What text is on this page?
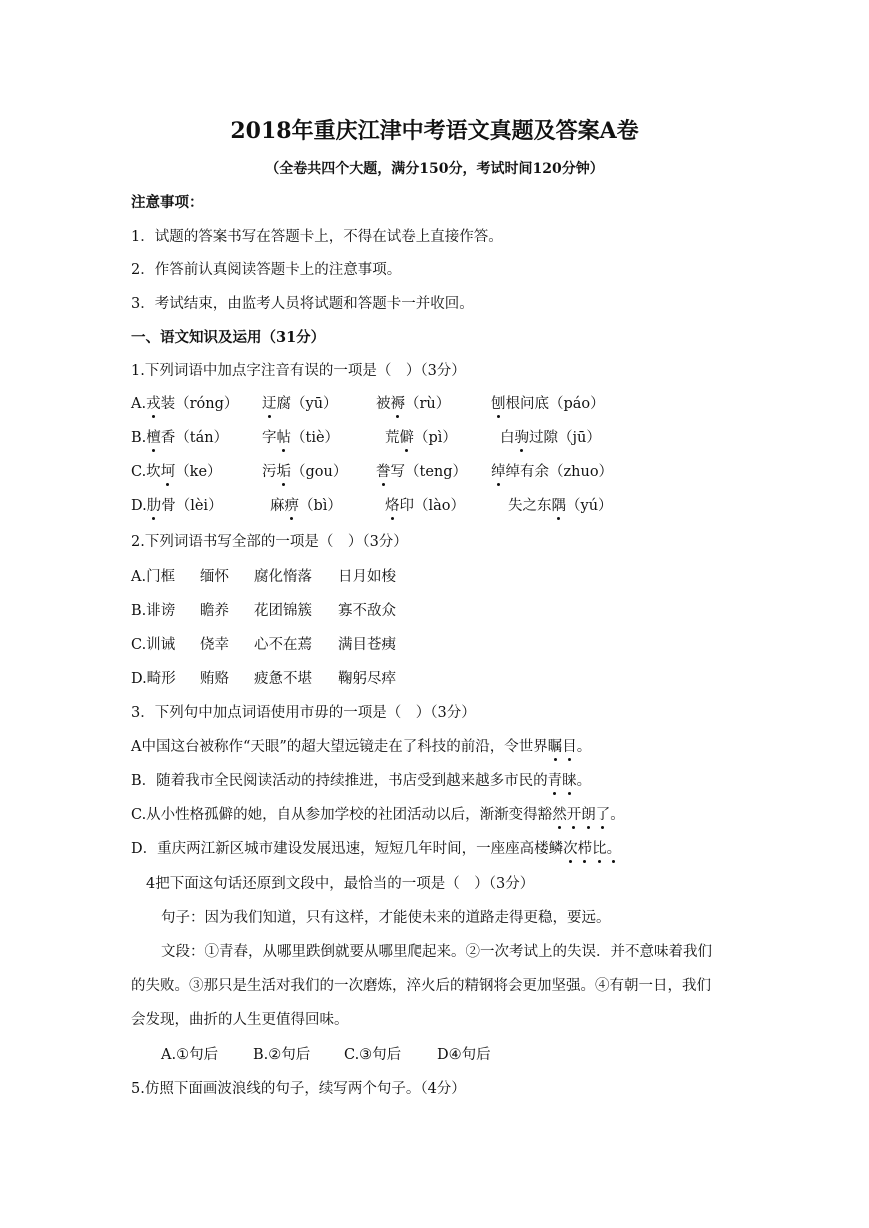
2018年重庆江津中考语文真题及答案A卷
（全卷共四个大题，满分150分，考试时间120分钟）
注意事项：
1．试题的答案书写在答题卡上，不得在试卷上直接作答。
2．作答前认真阅读答题卡上的注意事项。
3．考试结束，由监考人员将试题和答题卡一并收回。
一、语文知识及运用（31分）
1.下列词语中加点字注音有误的一项是（　）（3分）
A.戎装（róng） 迂腐（yū）	被褥（rù）	刨根问底（páo）
B.檀香（tán） 字帖（tiè）	荒僻（pì）	白驹过隙（jū）
C.坎坷（ke）	污垢（gou） 誊写（teng） 绰绰有余（zhuo）
D.肋骨（lèi）	麻痹（bì）	烙印（lào）	失之东隅（yú）
2.下列词语书写全部的一项是（　）（3分）
A.门框 缅怀 腐化惰落 日月如梭
B.诽谤 瞻养 花团锦簇 寡不敌众
C.训诫 侥幸 心不在蔫 满目苍痍
D.畸形 贿赂 疲惫不堪 鞠躬尽瘁
3．下列句中加点词语使用市毋的一项是（　）（3分）
A中国这台被称作“天眼”的超大望远镜走在了科技的前沿，令世界瞩目。
B．随着我市全民阅读活动的持续推进，书店受到越来越多市民的青睐。
C.从小性格孤僻的她，自从参加学校的社团活动以后，渐渐变得豁然开朗了。
D．重庆两江新区城市建设发展迅速，短短几年时间，一座座高楼鳞次栉比。
4把下面这句话还原到文段中，最恰当的一项是（　）（3分）
句子：因为我们知道，只有这样，才能使未来的道路走得更稳，要远。
文段：①青春，从哪里跌倒就要从哪里爬起来。②一次考试上的失误．并不意味着我们
的失败。③那只是生活对我们的一次磨炼，淬火后的精钢将会更加坚强。④有朝一日，我们
会发现，曲折的人生更值得回味。
A.①句后 B.②句后 C.③句后 D④句后
5.仿照下面画波浪线的句子，续写两个句子。（4分）
